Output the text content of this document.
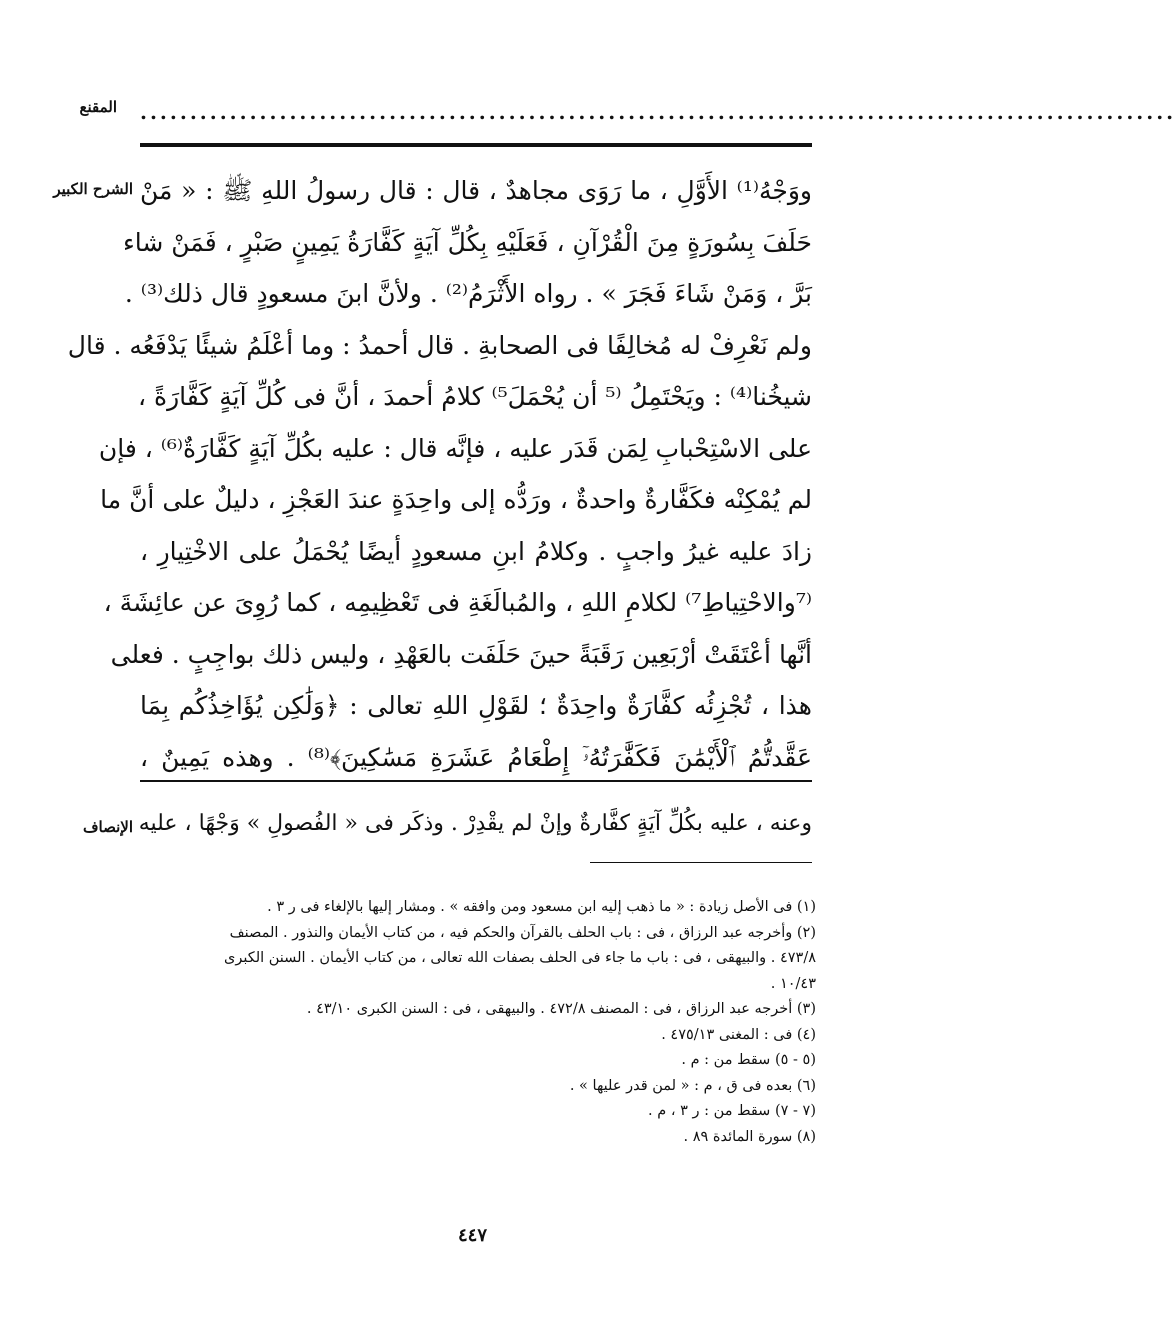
المقنع ........................................................................................................
الشرح الكبير ووَجْهُ⁽¹⁾ الأَوَّلِ ، ما رَوَى مجاهدٌ ، قال : قال رسولُ اللهِ ﷺ : « مَنْ
حَلَفَ بِسُورَةٍ مِنَ الْقُرْآنِ ، فَعَلَيْهِ بِكُلِّ آيَةٍ كَفَّارَةُ يَمِينٍ صَبْرٍ ، فَمَنْ شاء
بَرَّ ، وَمَنْ شَاءَ فَجَرَ » . رواه الأَثْرَمُ⁽²⁾ . ولأنَّ ابنَ مسعودٍ قال ذلك⁽³⁾ .
ولم نَعْرِفْ له مُخالِفًا فى الصحابةِ . قال أحمدُ : وما أعْلَمُ شيئًا يَدْفَعُه . قال
شيخُنا⁽⁴⁾ : ويَحْتَمِلُ ⁽⁵ أن يُحْمَلَ⁵⁾ كلامُ أحمدَ ، أنَّ فى كُلِّ آيَةٍ كَفَّارَةً ،
على الاسْتِحْبابِ لِمَن قَدَر عليه ، فإنَّه قال : عليه بكُلِّ آيَةٍ كَفَّارَةٌ⁽⁶⁾ ، فإن
لم يُمْكِنْه فكَفَّارةٌ واحدةٌ ، ورَدُّه إلى واحِدَةٍ عندَ العَجْزِ ، دليلٌ على أنَّ ما
زادَ عليه غيرُ واجبٍ . وكلامُ ابنِ مسعودٍ أيضًا يُحْمَلُ على الاخْتِيارِ ،
⁽⁷والاحْتِياطِ⁷⁾ لكلامِ اللهِ ، والمُبالَغَةِ فى تَعْظِيمِه ، كما رُوِىَ عن عائِشَةَ ،
أنَّها أعْتَقَتْ أرْبَعِين رَقَبَةً حينَ حَلَفَت بالعَهْدِ ، وليس ذلك بواجِبٍ . فعلى
هذا ، تُجْزِئُه كفَّارَةٌ واحِدَةٌ ؛ لقَوْلِ اللهِ تعالى : ﴿وَلَٰكِن يُؤَاخِذُكُم بِمَا
عَقَّدتُّمُ ٱلْأَيْمَٰنَ فَكَفَّٰرَتُهُۥٓ إِطْعَامُ عَشَرَةِ مَسَٰكِينَ﴾⁽⁸⁾ . وهذه يَمِينٌ ،
الإنصاف وعنه ، عليه بكُلِّ آيَةٍ كفَّارةٌ وإنْ لم يقْدِرْ . وذكَر فى « الفُصولِ » وَجْهًا ، عليه
(١) فى الأصل زيادة : « ما ذهب إليه ابن مسعود ومن وافقه » . ومشار إليها بالإلغاء فى ر ٣ .
(٢) وأخرجه عبد الرزاق ، فى : باب الحلف بالقرآن والحكم فيه ، من كتاب الأيمان والنذور . المصنف
٤٧٣/٨ . والبيهقى ، فى : باب ما جاء فى الحلف بصفات الله تعالى ، من كتاب الأيمان . السنن الكبرى
١٠/٤٣ .
(٣) أخرجه عبد الرزاق ، فى : المصنف ٤٧٢/٨ . والبيهقى ، فى : السنن الكبرى ٤٣/١٠ .
(٤) فى : المغنى ٤٧٥/١٣ .
(٥ - ٥) سقط من : م .
(٦) بعده فى ق ، م : « لمن قدر عليها » .
(٧ - ٧) سقط من : ر ٣ ، م .
(٨) سورة المائدة ٨٩ .
٤٤٧
